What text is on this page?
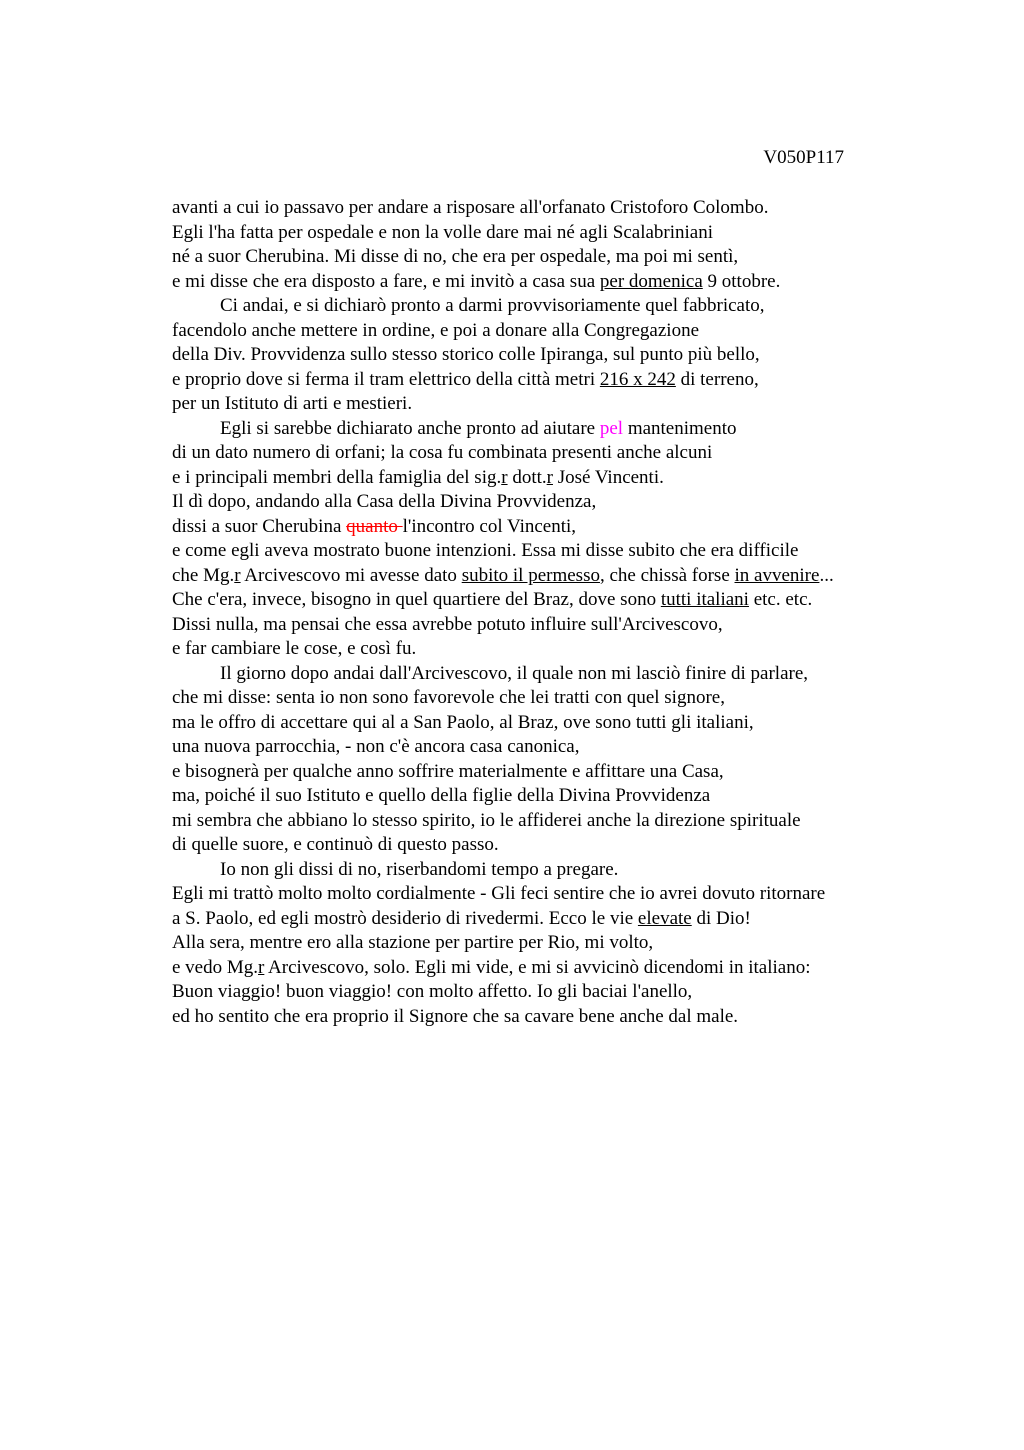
V050P117
avanti a cui io passavo per andare a risposare all'orfanato Cristoforo Colombo.
Egli l'ha fatta per ospedale e non la volle dare mai né agli Scalabriniani
né a suor Cherubina. Mi disse di no, che era per ospedale, ma poi mi sentì,
e mi disse che era disposto a fare, e mi invitò a casa sua per domenica 9 ottobre.
Ci andai, e si dichiarò pronto a darmi provvisoriamente quel fabbricato,
facendolo anche mettere in ordine, e poi a donare alla Congregazione
della Div. Provvidenza sullo stesso storico colle Ipiranga, sul punto più bello,
e proprio dove si ferma il tram elettrico della città metri 216 x 242 di terreno,
per un Istituto di arti e mestieri.
Egli si sarebbe dichiarato anche pronto ad aiutare pel mantenimento
di un dato numero di orfani; la cosa fu combinata presenti anche alcuni
e i principali membri della famiglia del sig.r dott.r José Vincenti.
Il dì dopo, andando alla Casa della Divina Provvidenza,
dissi a suor Cherubina quanto l'incontro col Vincenti,
e come egli aveva mostrato buone intenzioni. Essa mi disse subito che era difficile
che Mg.r Arcivescovo mi avesse dato subito il permesso, che chissà forse in avvenire...
Che c'era, invece, bisogno in quel quartiere del Braz, dove sono tutti italiani etc. etc.
Dissi nulla, ma pensai che essa avrebbe potuto influire sull'Arcivescovo,
e far cambiare le cose, e così fu.
Il giorno dopo andai dall'Arcivescovo, il quale non mi lasciò finire di parlare,
che mi disse: senta io non sono favorevole che lei tratti con quel signore,
ma le offro di accettare qui al a San Paolo, al Braz, ove sono tutti gli italiani,
una nuova parrocchia, - non c'è ancora casa canonica,
e bisognerà per qualche anno soffrire materialmente e affittare una Casa,
ma, poiché il suo Istituto e quello della figlie della Divina Provvidenza
mi sembra che abbiano lo stesso spirito, io le affiderei anche la direzione spirituale
di quelle suore, e continuò di questo passo.
Io non gli dissi di no, riserbandomi tempo a pregare.
Egli mi trattò molto molto cordialmente - Gli feci sentire che io avrei dovuto ritornare
a S. Paolo, ed egli mostrò desiderio di rivedermi. Ecco le vie elevate di Dio!
Alla sera, mentre ero alla stazione per partire per Rio, mi volto,
e vedo Mg.r Arcivescovo, solo. Egli mi vide, e mi si avvicinò dicendomi in italiano:
Buon viaggio! buon viaggio! con molto affetto. Io gli baciai l'anello,
ed ho sentito che era proprio il Signore che sa cavare bene anche dal male.
